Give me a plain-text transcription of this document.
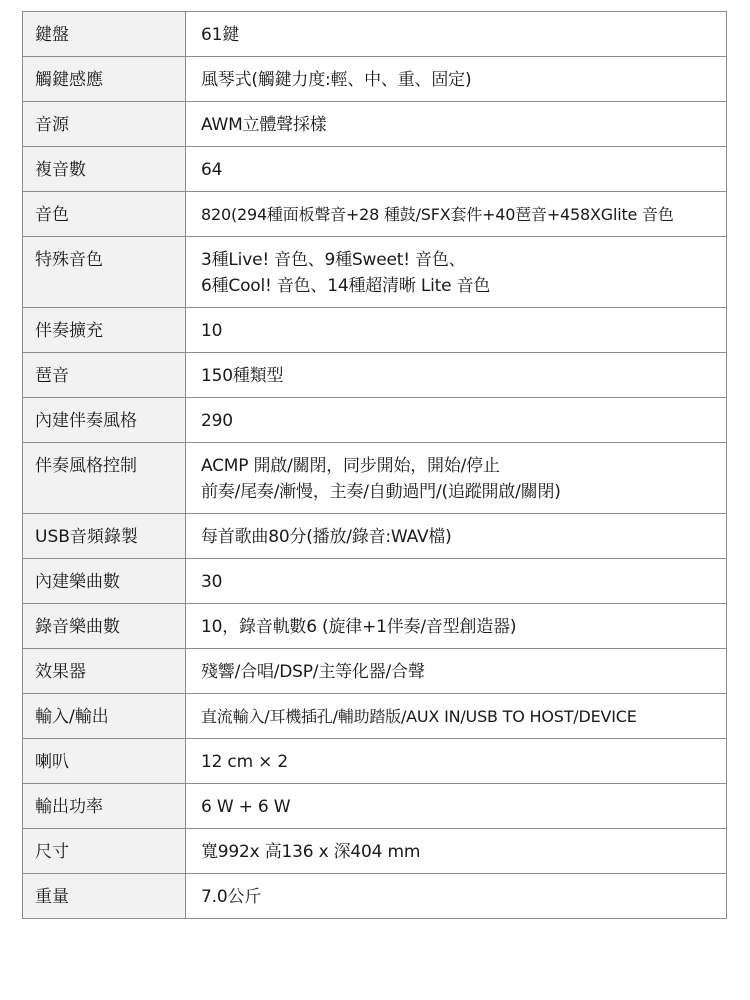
鍵盤	61鍵

觸鍵感應	風琴式(觸鍵力度:輕、中、重、固定)

音源	AWM立體聲採樣

複音數	64

音色	820(294種面板聲音+28 種鼓/SFX套件+40琶音+458XGlite 音色

特殊音色	3種Live! 音色、9種Sweet! 音色、
6種Cool! 音色、14種超清晰 Lite 音色

伴奏擴充	10

琶音	150種類型

內建伴奏風格	290

伴奏風格控制	ACMP 開啟/關閉，同步開始，開始/停止
前奏/尾奏/漸慢，主奏/自動過門/(追蹤開啟/關閉)

USB音頻錄製	每首歌曲80分(播放/錄音:WAV檔)

內建樂曲數	30

錄音樂曲數	10，錄音軌數6 (旋律+1伴奏/音型創造器)

效果器	殘響/合唱/DSP/主等化器/合聲

輸入/輸出	直流輸入/耳機插孔/輔助踏版/AUX IN/USB TO HOST/DEVICE

喇叭	12 cm × 2

輸出功率	6 W + 6 W

尺寸	寬992x 高136 x 深404 mm

重量	7.0公斤
